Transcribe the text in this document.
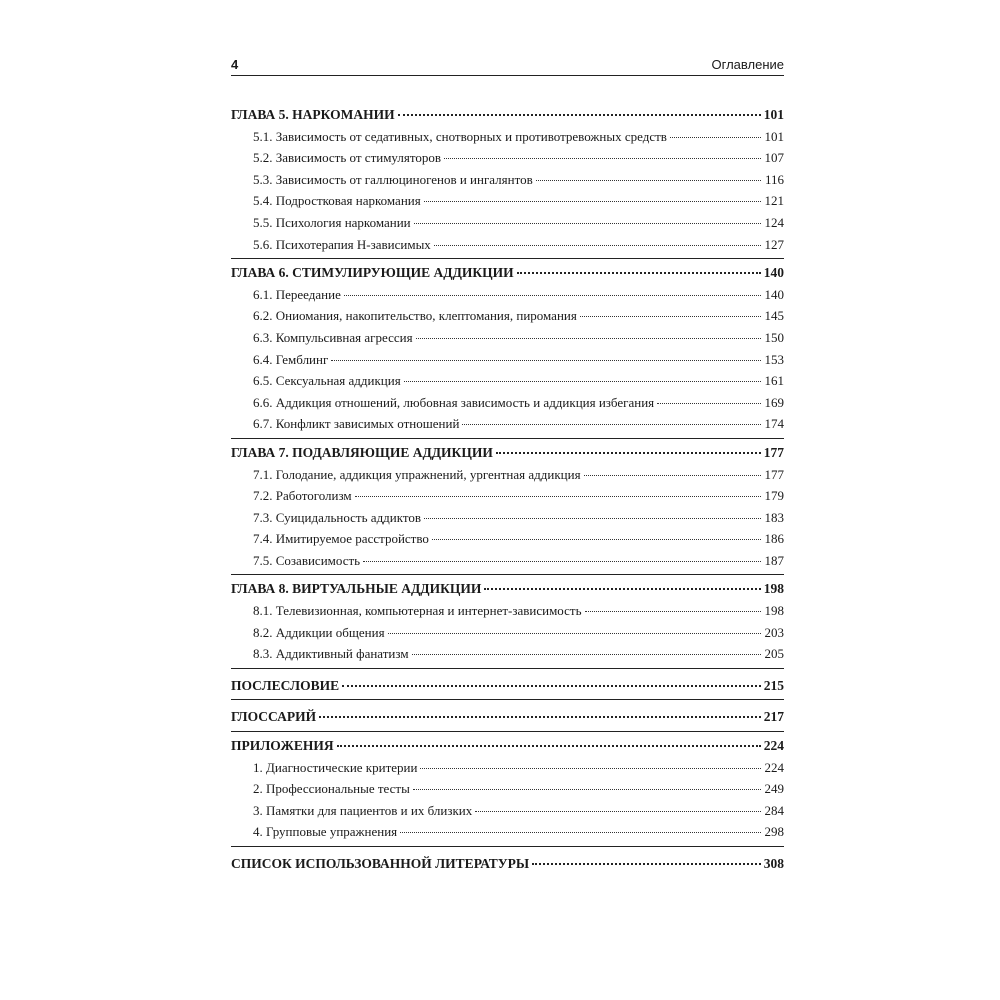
4	Оглавление
ГЛАВА 5. НАРКОМАНИИ	101
5.1. Зависимость от седативных, снотворных и противотревожных средств	101
5.2. Зависимость от стимуляторов	107
5.3. Зависимость от галлюциногенов и ингалянтов	116
5.4. Подростковая наркомания	121
5.5. Психология наркомании	124
5.6. Психотерапия Н-зависимых	127
ГЛАВА 6. СТИМУЛИРУЮЩИЕ АДДИКЦИИ	140
6.1. Переедание	140
6.2. Ониомания, накопительство, клептомания, пиромания	145
6.3. Компульсивная агрессия	150
6.4. Гемблинг	153
6.5. Сексуальная аддикция	161
6.6. Аддикция отношений, любовная зависимость и аддикция избегания	169
6.7. Конфликт зависимых отношений	174
ГЛАВА 7. ПОДАВЛЯЮЩИЕ АДДИКЦИИ	177
7.1. Голодание, аддикция упражнений, ургентная аддикция	177
7.2. Работоголизм	179
7.3. Суицидальность аддиктов	183
7.4. Имитируемое расстройство	186
7.5. Созависимость	187
ГЛАВА 8. ВИРТУАЛЬНЫЕ АДДИКЦИИ	198
8.1. Телевизионная, компьютерная и интернет-зависимость	198
8.2. Аддикции общения	203
8.3. Аддиктивный фанатизм	205
ПОСЛЕСЛОВИЕ	215
ГЛОССАРИЙ	217
ПРИЛОЖЕНИЯ	224
1. Диагностические критерии	224
2. Профессиональные тесты	249
3. Памятки для пациентов и их близких	284
4. Групповые упражнения	298
СПИСОК ИСПОЛЬЗОВАННОЙ ЛИТЕРАТУРЫ	308
